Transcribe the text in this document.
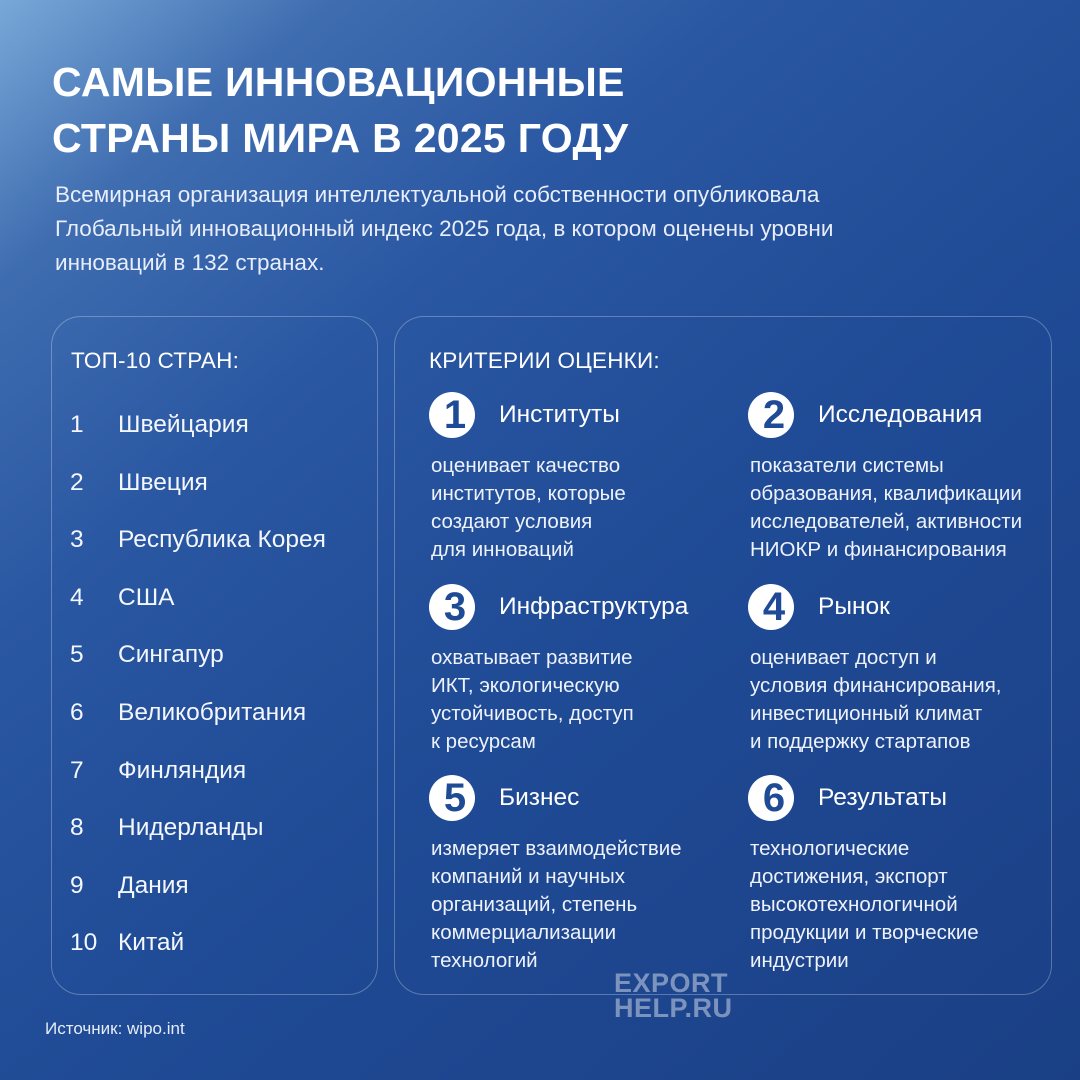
САМЫЕ ИННОВАЦИОННЫЕ
СТРАНЫ МИРА В 2025 ГОДУ

Всемирная организация интеллектуальной собственности опубликовала
Глобальный инновационный индекс 2025 года, в котором оценены уровни
инноваций в 132 странах.

ТОП-10 СТРАН:
1	Швейцария
2	Швеция
3	Республика Корея
4	США
5	Сингапур
6	Великобритания
7	Финляндия
8	Нидерланды
9	Дания
10 Китай
КРИТЕРИИ ОЦЕНКИ:
1	Институты

оценивает качество
институтов, которые
создают условия
для инноваций

2	Исследования

показатели системы
образования, квалификации
исследователей, активности
НИОКР и финансирования

3	Инфраструктура

охватывает развитие
ИКТ, экологическую
устойчивость, доступ
к ресурсам

4	Рынок

оценивает доступ и
условия финансирования,
инвестиционный климат
и поддержку стартапов

5	Бизнес

измеряет взаимодействие
компаний и научных
организаций, степень
коммерциализации
технологий

6	Результаты

технологические
достижения, экспорт
высокотехнологичной
продукции и творческие
индустрии

Источник: wipo.int
EXPORT
HELP.RU
